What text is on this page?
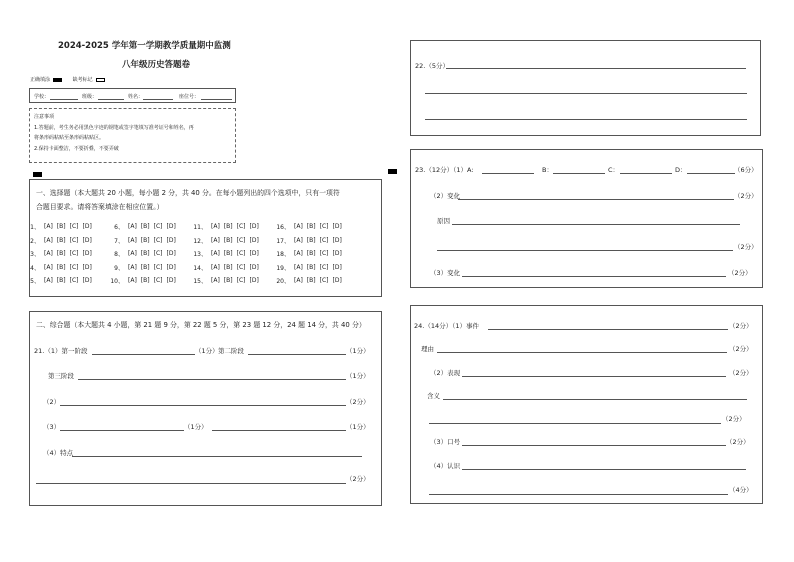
2024-2025 学年第一学期教学质量期中监测
八年级历史答题卷
正确填涂	缺考标记
学校：	班级：	姓名：	座位号：
注意事项
1.答题前，考生务必用黑色字迹的钢笔或签字笔填写准考证号和姓名，再
将条形码粘贴至条形码粘贴区。
2.保持卡面整洁，不要折叠，不要弄破
一、选择题（本大题共 20 小题，每小题 2 分，共 40 分。在每小题列出的四个选项中，只有一项符
合题目要求。请将答案填涂在相应位置。）
1、 [A] [B] [C] [D]	6、 [A] [B] [C] [D]	11、 [A] [B] [C] [D]	16、 [A] [B] [C] [D]
2、 [A] [B] [C] [D]	7、 [A] [B] [C] [D]	12、 [A] [B] [C] [D]	17、 [A] [B] [C] [D]
3、 [A] [B] [C] [D]	8、 [A] [B] [C] [D]	13、 [A] [B] [C] [D]	18、 [A] [B] [C] [D]
4、 [A] [B] [C] [D]	9、 [A] [B] [C] [D]	14、 [A] [B] [C] [D]	19、 [A] [B] [C] [D]
5、 [A] [B] [C] [D]	10、 [A] [B] [C] [D]	15、 [A] [B] [C] [D]	20、 [A] [B] [C] [D]
二、综合题（本大题共 4 小题，第 21 题 9 分，第 22 题 5 分，第 23 题 12 分，24 题 14 分，共 40 分）
21.（1）第一阶段	（1分） 第二阶段	（1分）
第三阶段	（1分）
（2）	（2分）
（3）	（1分）	（1分）
（4）特点
（2分）
22.（5分）
23.（12分）（1）A:	B：	C：	D：	（6分）
（2）变化	（2分）
原因
（2分）
（3）变化	（2分）
24.（14分）（1）事件	（2分）
理由	（2分）
（2）表现	（2分）
含义
（2分）
（3）口号	（2分）
（4）认识
（4分）
